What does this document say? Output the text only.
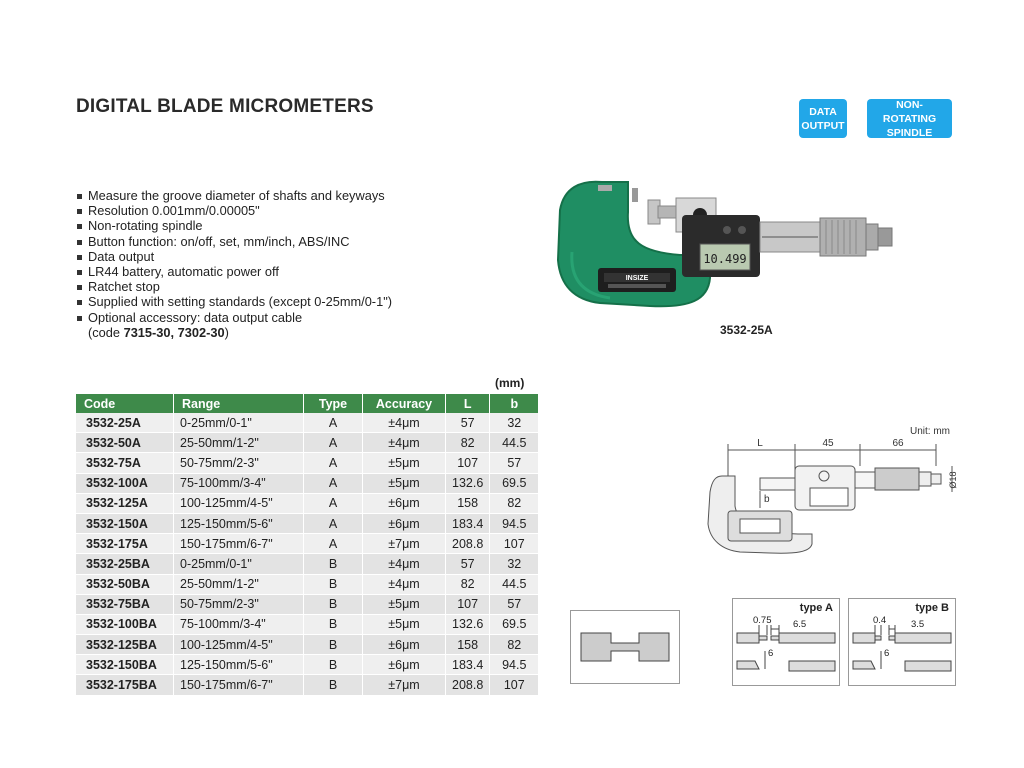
DIGITAL BLADE MICROMETERS	DATA
OUTPUT
NON-ROTATING
SPINDLE
Measure the groove diameter of shafts and keyways
Resolution 0.001mm/0.00005"
Non-rotating spindle
Button function: on/off, set, mm/inch, ABS/INC
Data output
LR44 battery, automatic power off
Ratchet stop
Supplied with setting standards (except 0-25mm/0-1")
Optional accessory: data output cable
(code 7315-30, 7302-30)
INSIZE
10.499
3532-25A
(mm)
Code	Range	Type	Accuracy	L	b
3532-25A	0-25mm/0-1"	A	±4μm	57	32
3532-50A	25-50mm/1-2"	A	±4μm	82	44.5
3532-75A	50-75mm/2-3"	A	±5μm	107	57
3532-100A	75-100mm/3-4"	A	±5μm	132.6	69.5
3532-125A	100-125mm/4-5"	A	±6μm	158	82
3532-150A	125-150mm/5-6"	A	±6μm	183.4	94.5
3532-175A	150-175mm/6-7"	A	±7μm	208.8	107
3532-25BA	0-25mm/0-1"	B	±4μm	57	32
3532-50BA	25-50mm/1-2"	B	±4μm	82	44.5
3532-75BA	50-75mm/2-3"	B	±5μm	107	57
3532-100BA	75-100mm/3-4"	B	±5μm	132.6	69.5
3532-125BA	100-125mm/4-5"	B	±6μm	158	82
3532-150BA	125-150mm/5-6"	B	±6μm	183.4	94.5
3532-175BA	150-175mm/6-7"	B	±7μm	208.8	107
Unit: mm
L	45	66
b
Ø18
type A
0.75 6.5
6
type B
0.4	3.5
6
